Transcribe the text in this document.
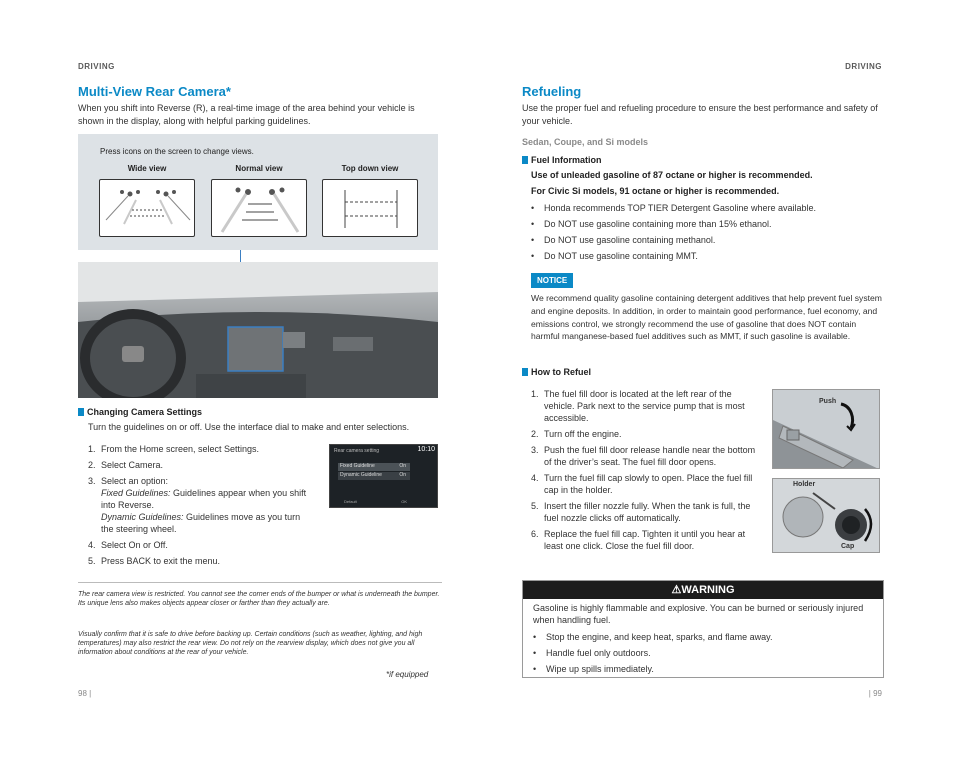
DRIVING
Multi-View Rear Camera*
When you shift into Reverse (R), a real-time image of the area behind your vehicle is shown in the display, along with helpful parking guidelines.
Press icons on the screen to change views.
Wide view	Normal view	Top down view
Changing Camera Settings
Turn the guidelines on or off. Use the interface dial to make and enter selections.
1. From the Home screen, select Settings.
2. Select Camera.
3. Select an option:
Fixed Guidelines: Guidelines appear when you shift into Reverse.
Dynamic Guidelines: Guidelines move as you turn the steering wheel.
4. Select On or Off.
5. Press BACK to exit the menu.
Rear camera setting	10:10
Fixed Guideline	On
Dynamic Guideline	On
Default	OK
The rear camera view is restricted. You cannot see the corner ends of the bumper or what is underneath the bumper. Its unique lens also makes objects appear closer or farther than they actually are.
Visually confirm that it is safe to drive before backing up. Certain conditions (such as weather, lighting, and high temperatures) may also restrict the rear view. Do not rely on the rearview display, which does not give you all information about conditions at the rear of your vehicle.
*if equipped
98 |
DRIVING
Refueling
Use the proper fuel and refueling procedure to ensure the best performance and safety of your vehicle.
Sedan, Coupe, and Si models
Fuel Information
Use of unleaded gasoline of 87 octane or higher is recommended.
For Civic Si models, 91 octane or higher is recommended.
• Honda recommends TOP TIER Detergent Gasoline where available.
• Do NOT use gasoline containing more than 15% ethanol.
• Do NOT use gasoline containing methanol.
• Do NOT use gasoline containing MMT.
NOTICE
We recommend quality gasoline containing detergent additives that help prevent fuel system and engine deposits. In addition, in order to maintain good performance, fuel economy, and emissions control, we strongly recommend the use of gasoline that does NOT contain harmful manganese-based fuel additives such as MMT, if such gasoline is available.
How to Refuel
1. The fuel fill door is located at the left rear of the vehicle. Park next to the service pump that is most accessible.
2. Turn off the engine.
3. Push the fuel fill door release handle near the bottom of the driver’s seat. The fuel fill door opens.
4. Turn the fuel fill cap slowly to open. Place the fuel fill cap in the holder.
5. Insert the filler nozzle fully. When the tank is full, the fuel nozzle clicks off automatically.
6. Replace the fuel fill cap. Tighten it until you hear at least one click. Close the fuel fill door.
Push
Holder
Cap
⚠WARNING
Gasoline is highly flammable and explosive. You can be burned or seriously injured when handling fuel.
• Stop the engine, and keep heat, sparks, and flame away.
• Handle fuel only outdoors.
• Wipe up spills immediately.
| 99
